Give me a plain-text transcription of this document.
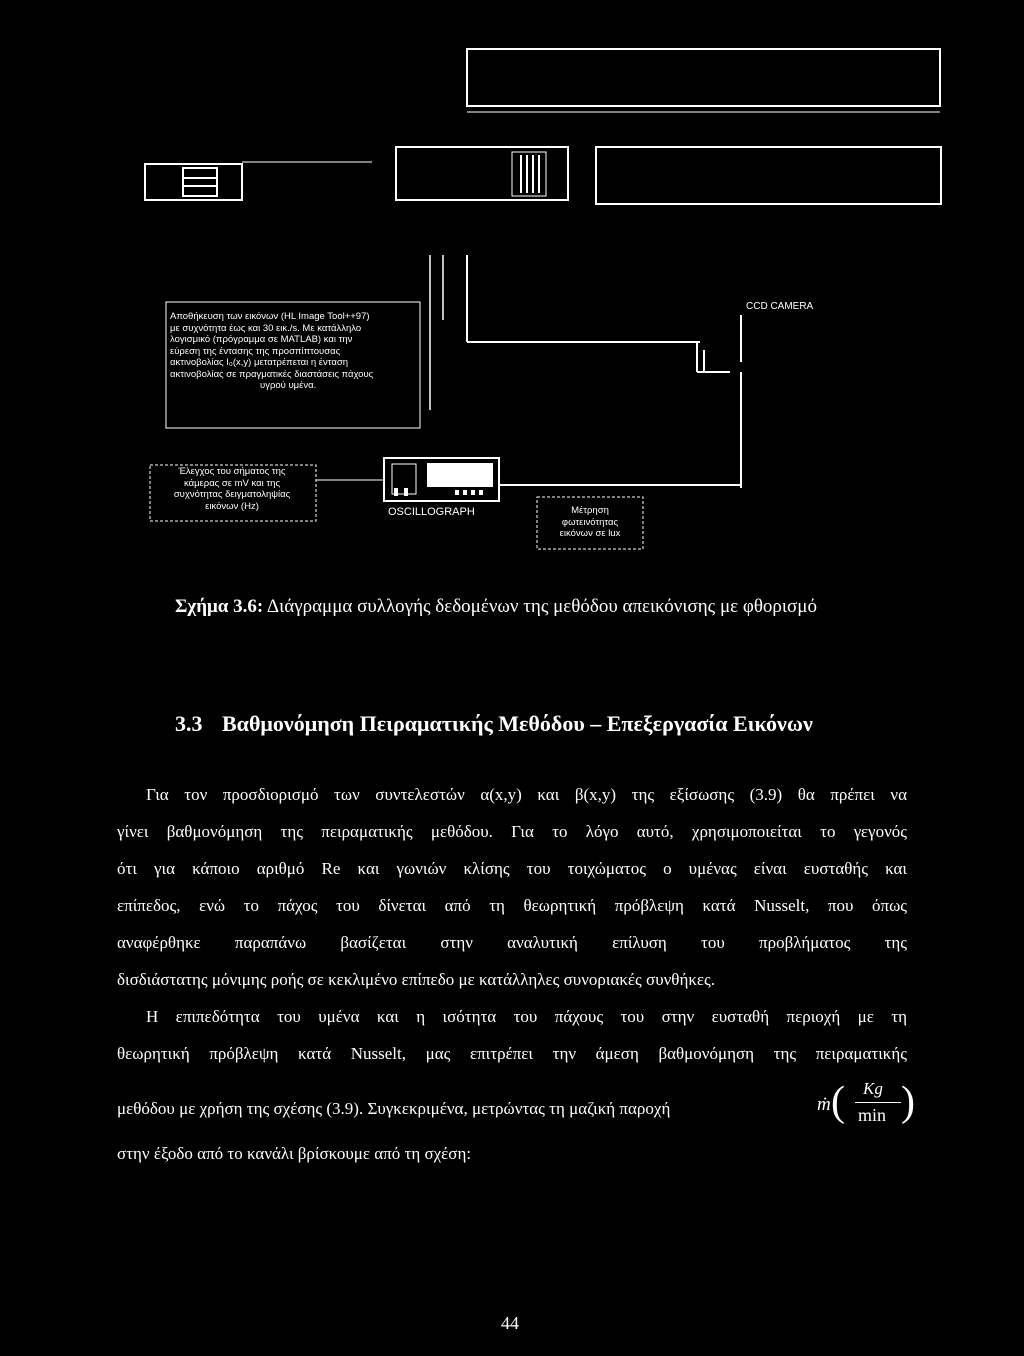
Αποθήκευση των εικόνων (HL Image Tool++97)
με συχνότητα έως και 30 εικ./s. Με κατάλληλο
λογισμικό (πρόγραμμα σε MATLAB) και την
εύρεση της έντασης της προσπίπτουσας
ακτινοβολίας I₀(x,y) μετατρέπεται η ένταση
ακτινοβολίας σε πραγματικές διαστάσεις πάχους
υγρού υμένα.
CCD CAMERA
Έλεγχος του σήματος της
κάμερας σε mV και της
συχνότητας δειγματοληψίας
εικόνων (Hz)	OSCILLOGRAPH	Μέτρηση
φωτεινότητας
εικόνων σε lux
Σχήμα 3.6: Διάγραμμα συλλογής δεδομένων της μεθόδου απεικόνισης με φθορισμό
3.3 Βαθμονόμηση Πειραματικής Μεθόδου – Επεξεργασία Εικόνων
Για τον προσδιορισμό των συντελεστών α(x,y) και β(x,y) της εξίσωσης (3.9) θα πρέπει να
γίνει βαθμονόμηση της πειραματικής μεθόδου. Για το λόγο αυτό, χρησιμοποιείται το γεγονός
ότι για κάποιο αριθμό Re και γωνιών κλίσης του τοιχώματος ο υμένας είναι ευσταθής και
επίπεδος, ενώ το πάχος του δίνεται από τη θεωρητική πρόβλεψη κατά Nusselt, που όπως
αναφέρθηκε παραπάνω βασίζεται στην αναλυτική επίλυση του προβλήματος της
δισδιάστατης μόνιμης ροής σε κεκλιμένο επίπεδο με κατάλληλες συνοριακές συνθήκες.
Η επιπεδότητα του υμένα και η ισότητα του πάχους του στην ευσταθή περιοχή με τη
θεωρητική πρόβλεψη κατά Nusselt, μας επιτρέπει την άμεση βαθμονόμηση της πειραματικής
μεθόδου με χρήση της σχέσης (3.9). Συγκεκριμένα, μετρώντας τη μαζική παροχή	ṁ ( Kg
min )
στην έξοδο από το κανάλι βρίσκουμε από τη σχέση:
44
